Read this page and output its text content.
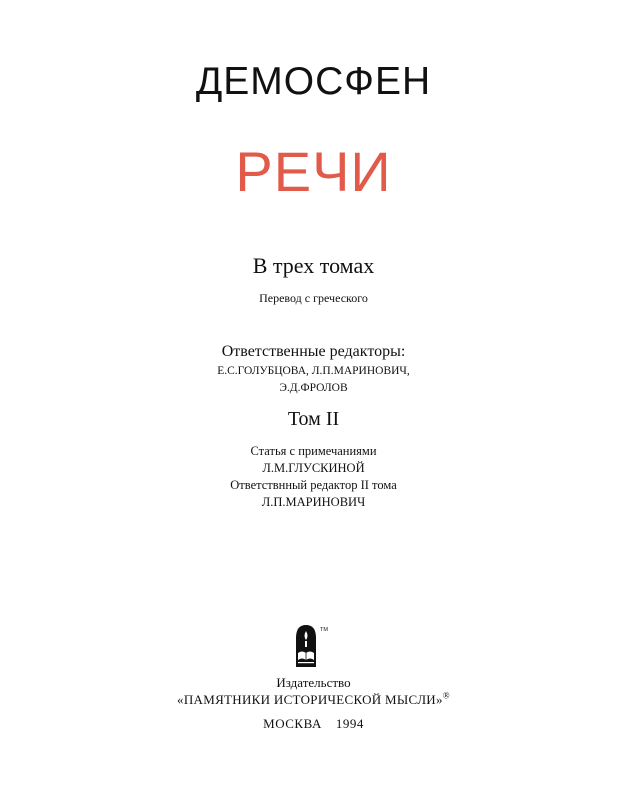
ДЕМОСФЕН
РЕЧИ
В трех томах
Перевод с греческого
Ответственные редакторы:
Е.С.ГОЛУБЦОВА, Л.П.МАРИНОВИЧ,
Э.Д.ФРОЛОВ
Том II
Статья с примечаниями
Л.М.ГЛУСКИНОЙ
Ответствнный редактор II тома
Л.П.МАРИНОВИЧ
TM
Издательство
«ПАМЯТНИКИ ИСТОРИЧЕСКОЙ МЫСЛИ»®
МОСКВА 1994
